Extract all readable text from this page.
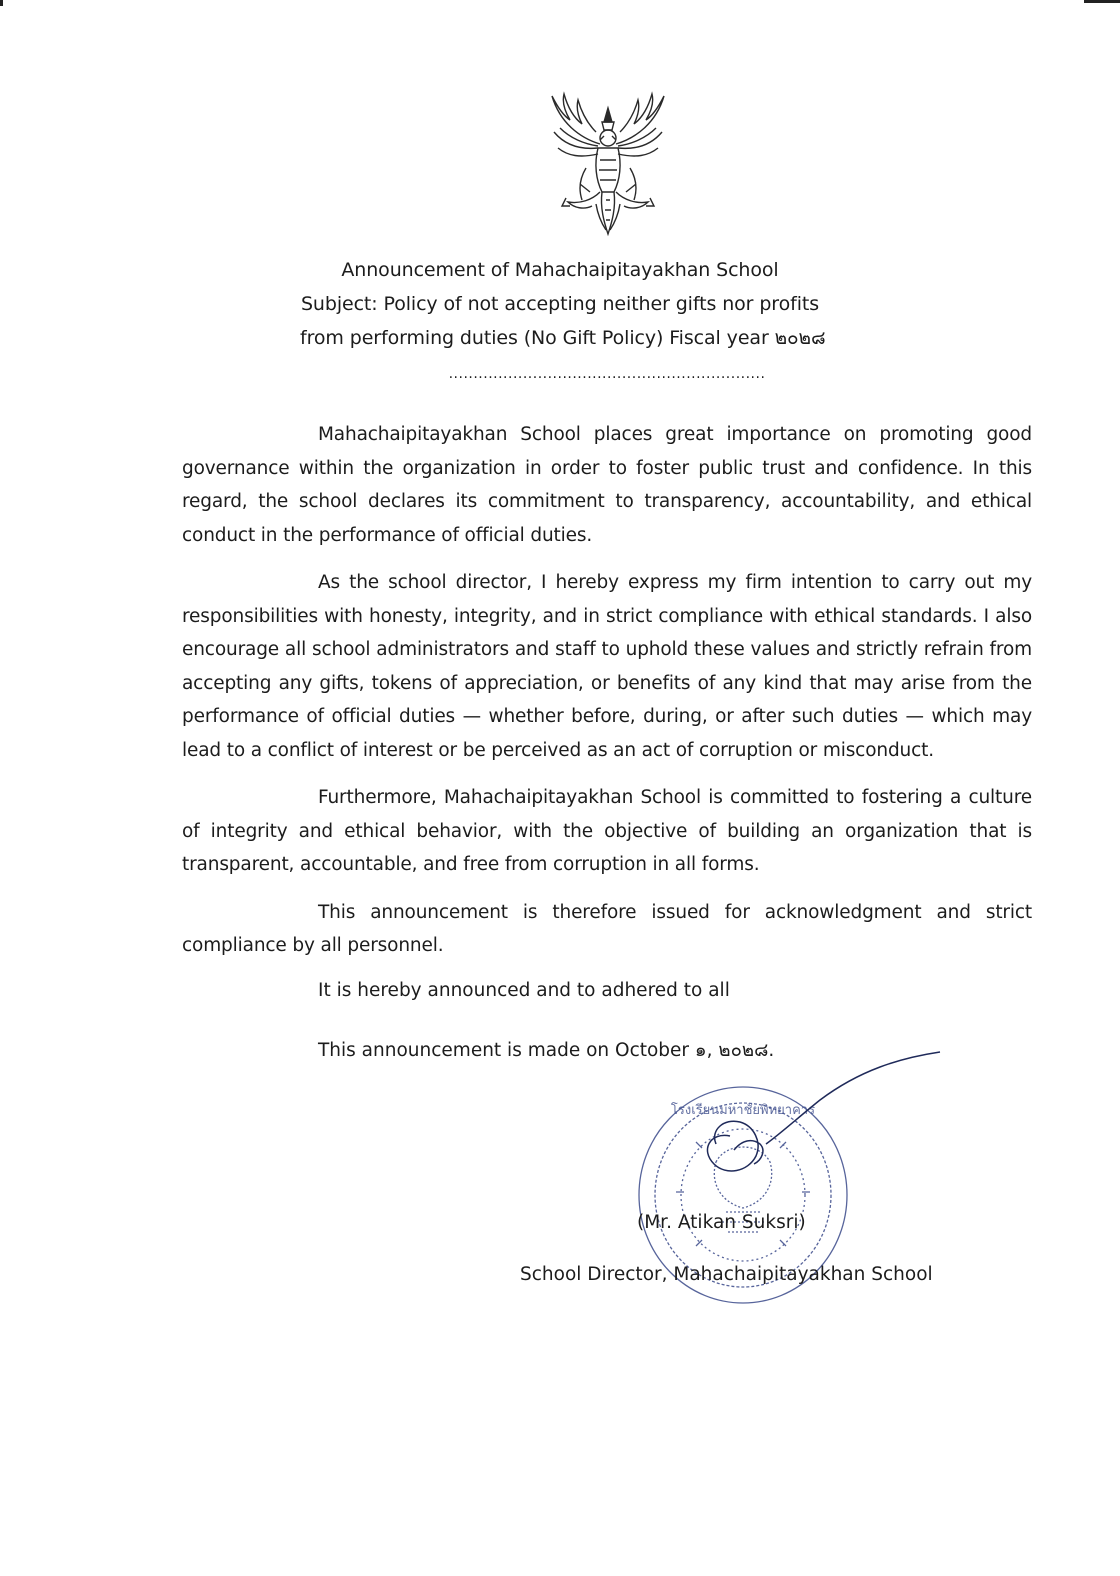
Announcement of Mahachaipitayakhan School
Subject: Policy of not accepting neither gifts nor profits
from performing duties (No Gift Policy) Fiscal year ๒๐๒๘
................................................................

Mahachaipitayakhan School places great importance on promoting good governance within the organization in order to foster public trust and confidence. In this regard, the school declares its commitment to transparency, accountability, and ethical conduct in the performance of official duties.

As the school director, I hereby express my firm intention to carry out my responsibilities with honesty, integrity, and in strict compliance with ethical standards. I also encourage all school administrators and staff to uphold these values and strictly refrain from accepting any gifts, tokens of appreciation, or benefits of any kind that may arise from the performance of official duties — whether before, during, or after such duties — which may lead to a conflict of interest or be perceived as an act of corruption or misconduct.

Furthermore, Mahachaipitayakhan School is committed to fostering a culture of integrity and ethical behavior, with the objective of building an organization that is transparent, accountable, and free from corruption in all forms.

This announcement is therefore issued for acknowledgment and strict compliance by all personnel.

It is hereby announced and to adhered to all
This announcement is made on October ๑, ๒๐๒๘.
โรงเรียนมหาชัยพิทยาคาร
(Mr. Atikan Suksri)
School Director, Mahachaipitayakhan School
